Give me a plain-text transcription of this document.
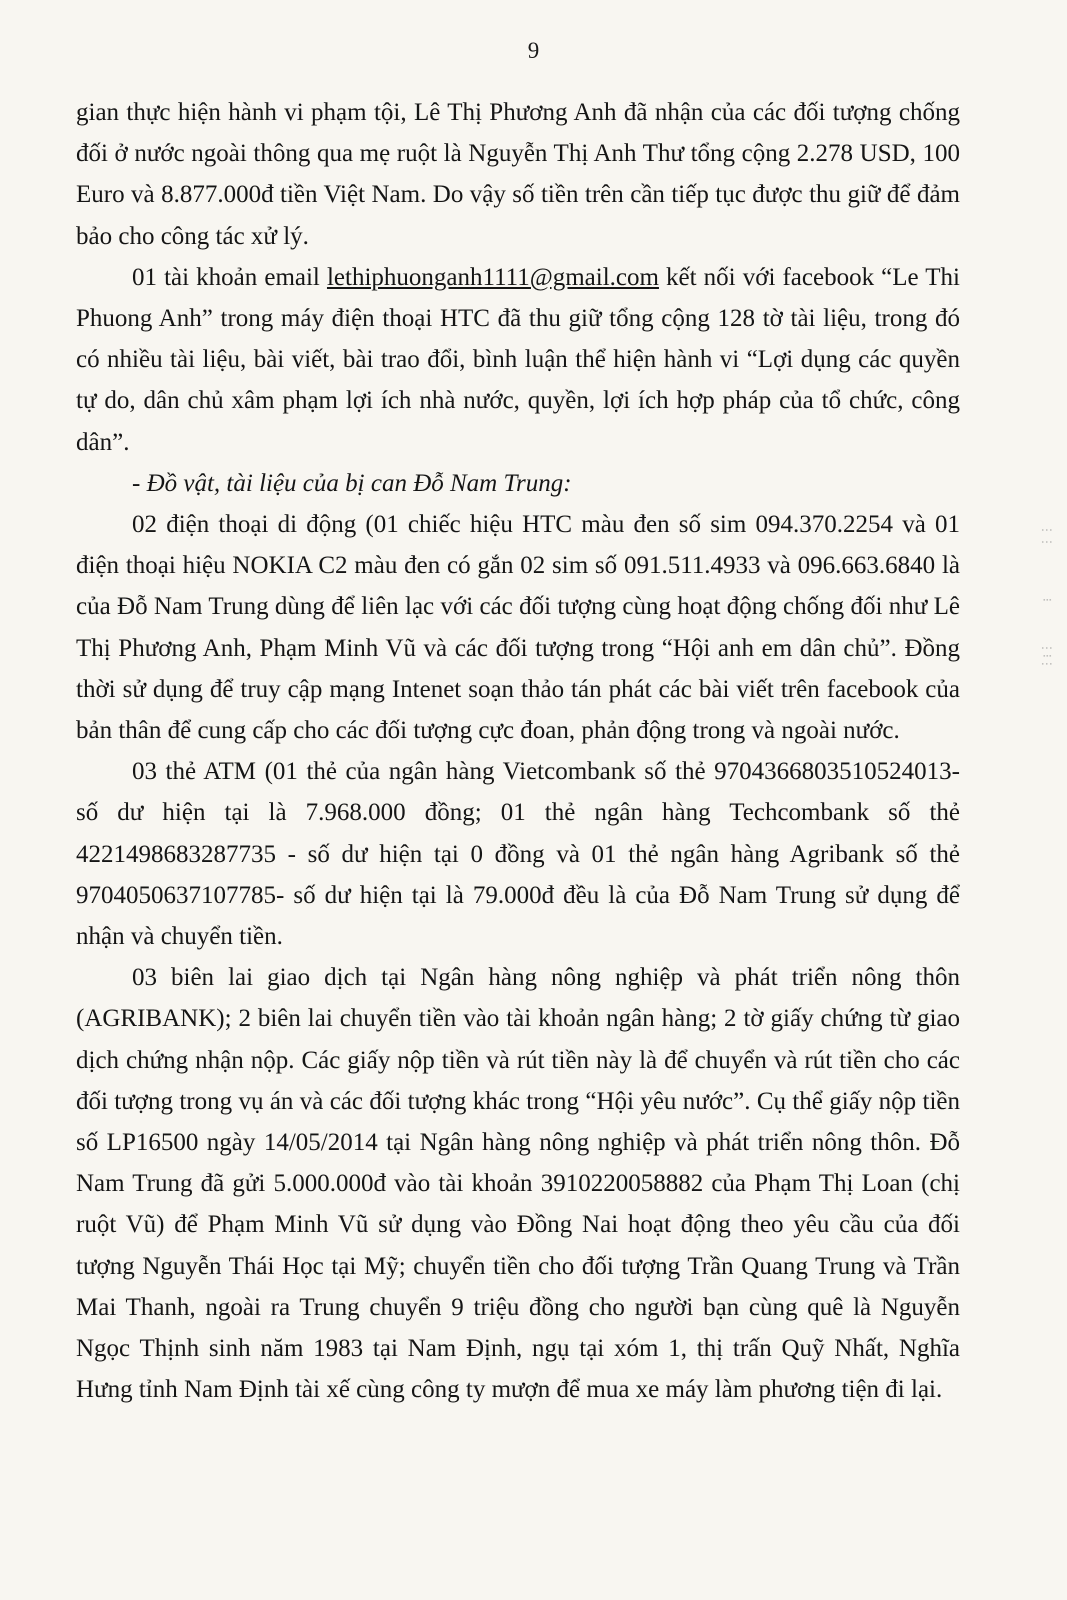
9

gian thực hiện hành vi phạm tội, Lê Thị Phương Anh đã nhận của các đối tượng chống đối ở nước ngoài thông qua mẹ ruột là Nguyễn Thị Anh Thư tổng cộng 2.278 USD, 100 Euro và 8.877.000đ tiền Việt Nam. Do vậy số tiền trên cần tiếp tục được thu giữ để đảm bảo cho công tác xử lý.

01 tài khoản email lethiphuonganh1111@gmail.com kết nối với facebook “Le Thi Phuong Anh” trong máy điện thoại HTC đã thu giữ tổng cộng 128 tờ tài liệu, trong đó có nhiều tài liệu, bài viết, bài trao đổi, bình luận thể hiện hành vi “Lợi dụng các quyền tự do, dân chủ xâm phạm lợi ích nhà nước, quyền, lợi ích hợp pháp của tổ chức, công dân”.

- Đồ vật, tài liệu của bị can Đỗ Nam Trung:

02 điện thoại di động (01 chiếc hiệu HTC màu đen số sim 094.370.2254 và 01 điện thoại hiệu NOKIA C2 màu đen có gắn 02 sim số 091.511.4933 và 096.663.6840 là của Đỗ Nam Trung dùng để liên lạc với các đối tượng cùng hoạt động chống đối như Lê Thị Phương Anh, Phạm Minh Vũ và các đối tượng trong “Hội anh em dân chủ”. Đồng thời sử dụng để truy cập mạng Intenet soạn thảo tán phát các bài viết trên facebook của bản thân để cung cấp cho các đối tượng cực đoan, phản động trong và ngoài nước.

03 thẻ ATM (01 thẻ của ngân hàng Vietcombank số thẻ 9704366803510524013- số dư hiện tại là 7.968.000 đồng; 01 thẻ ngân hàng Techcombank số thẻ 4221498683287735 - số dư hiện tại 0 đồng và 01 thẻ ngân hàng Agribank số thẻ 9704050637107785- số dư hiện tại là 79.000đ đều là của Đỗ Nam Trung sử dụng để nhận và chuyển tiền.

03 biên lai giao dịch tại Ngân hàng nông nghiệp và phát triển nông thôn (AGRIBANK); 2 biên lai chuyển tiền vào tài khoản ngân hàng; 2 tờ giấy chứng từ giao dịch chứng nhận nộp. Các giấy nộp tiền và rút tiền này là để chuyển và rút tiền cho các đối tượng trong vụ án và các đối tượng khác trong “Hội yêu nước”. Cụ thể giấy nộp tiền số LP16500 ngày 14/05/2014 tại Ngân hàng nông nghiệp và phát triển nông thôn. Đỗ Nam Trung đã gửi 5.000.000đ vào tài khoản 3910220058882 của Phạm Thị Loan (chị ruột Vũ) để Phạm Minh Vũ sử dụng vào Đồng Nai hoạt động theo yêu cầu của đối tượng Nguyễn Thái Học tại Mỹ; chuyển tiền cho đối tượng Trần Quang Trung và Trần Mai Thanh, ngoài ra Trung chuyển 9 triệu đồng cho người bạn cùng quê là Nguyễn Ngọc Thịnh sinh năm 1983 tại Nam Định, ngụ tại xóm 1, thị trấn Quỹ Nhất, Nghĩa Hưng tỉnh Nam Định tài xế cùng công ty mượn để mua xe máy làm phương tiện đi lại.

⋮⋮
⁝
⋮⁝⋮
